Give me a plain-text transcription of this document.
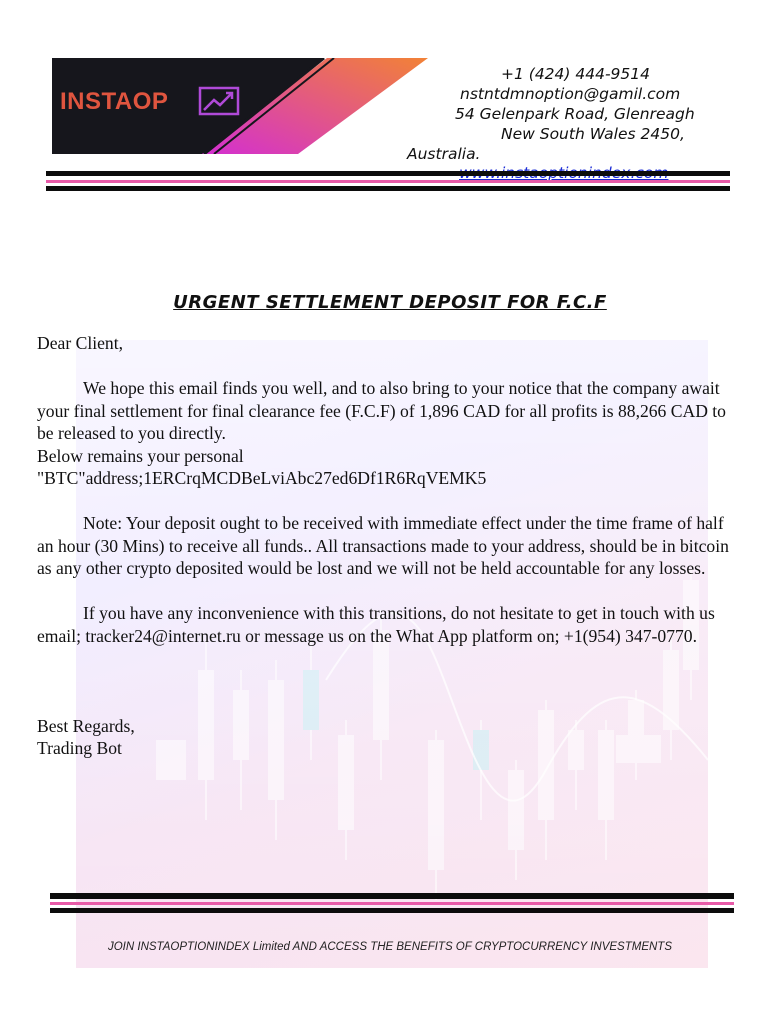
INSTAOP
+1 (424) 444-9514
nstntdmnoption@gamil.com
54 Gelenpark Road, Glenreagh
New South Wales 2450,
Australia.
URGENT SETTLEMENT DEPOSIT FOR F.C.F

Dear Client,

We hope this email finds you well, and to also bring to your notice that the company await your final settlement for final clearance fee (F.C.F) of 1,896 CAD for all profits is 88,266 CAD to be released to you directly.

Below remains your personal

"BTC"address;1ERCrqMCDBeLviAbc27ed6Df1R6RqVEMK5

Note: Your deposit ought to be received with immediate effect under the time frame of half an hour (30 Mins) to receive all funds.. All transactions made to your address, should be in bitcoin as any other crypto deposited would be lost and we will not be held accountable for any losses.

If you have any inconvenience with this transitions, do not hesitate to get in touch with us email; tracker24@internet.ru or message us on the What App platform on; +1(954) 347-0770.

Best Regards,

Trading Bot

JOIN INSTAOPTIONINDEX Limited AND ACCESS THE BENEFITS OF CRYPTOCURRENCY INVESTMENTS
